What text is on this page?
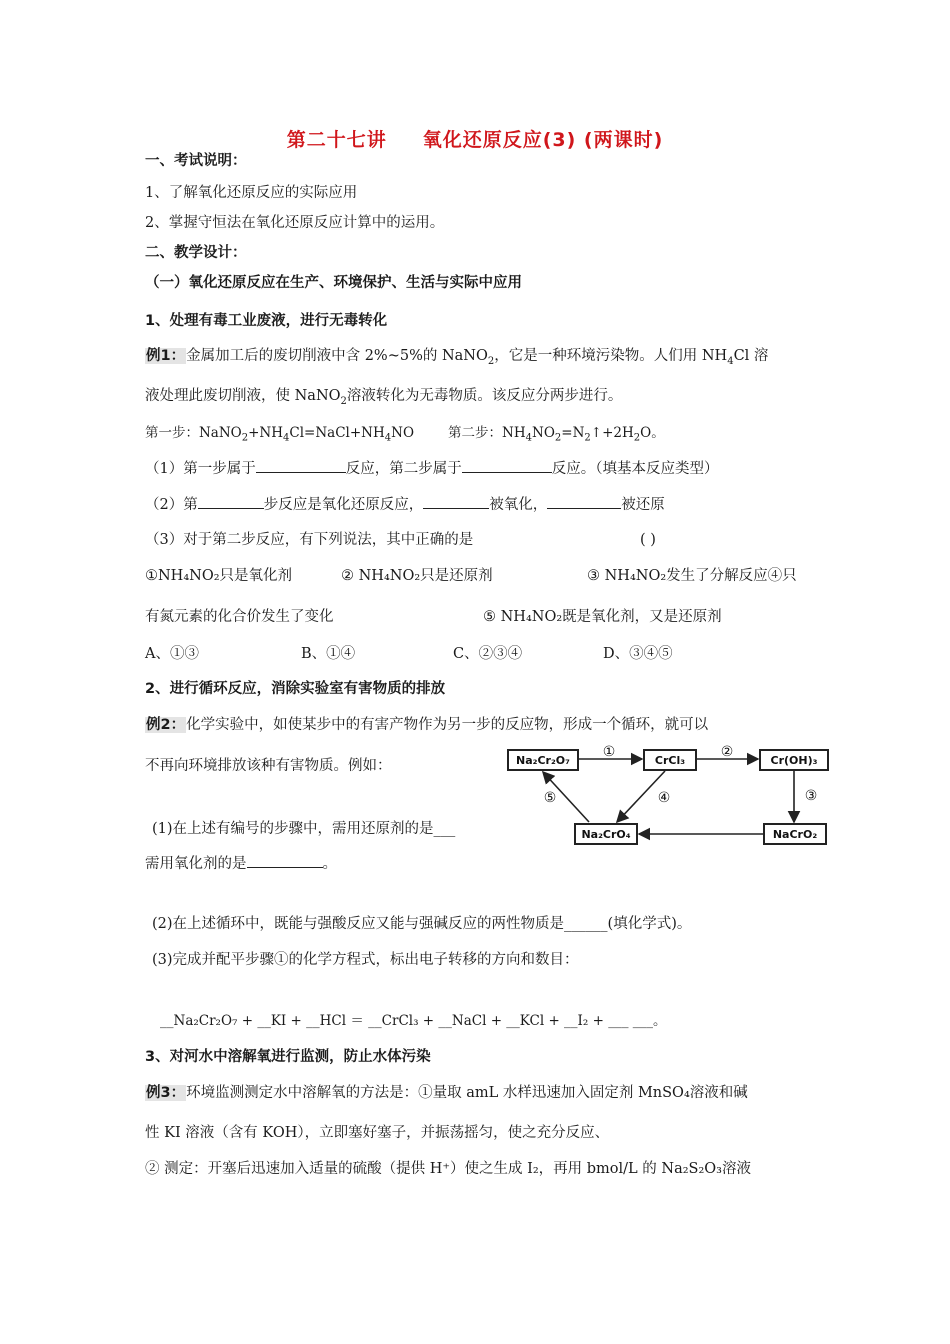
第二十七讲 氧化还原反应(3) (两课时)
一、考试说明：
1、了解氧化还原反应的实际应用
2、掌握守恒法在氧化还原反应计算中的运用。
二、教学设计：
（一）氧化还原反应在生产、环境保护、生活与实际中应用
1、处理有毒工业废液，进行无毒转化
例1：金属加工后的废切削液中含 2%~5%的 NaNO$_2$，它是一种环境污染物。人们用 $NH_4Cl$ 溶
液处理此废切削液，使 NaNO$_2$溶液转化为无毒物质。该反应分两步进行。
第一步：$NaNO_2+NH_4Cl=NaCl+NH_4NO$	第二步：$NH_4NO_2=N_2↑+2H_2O$。
（1）第一步属于	反应，第二步属于	反应。（填基本反应类型）
（2）第	步反应是氧化还原反应，	被氧化，	被还原
（3）对于第二步反应，有下列说法，其中正确的是	( )
①NH₄NO₂只是氧化剂	② NH₄NO₂只是还原剂	③ NH₄NO₂发生了分解反应④只
有氮元素的化合价发生了变化	⑤ NH₄NO₂既是氧化剂，又是还原剂
A、①③	B、①④	C、②③④	D、③④⑤
2、进行循环反应，消除实验室有害物质的排放
例2：化学实验中，如使某步中的有害产物作为另一步的反应物，形成一个循环，就可以
不再向环境排放该种有害物质。例如：	Na₂Cr₂O₇	CrCl₃	Cr(OH)₃
Na₂CrO₄	NaCrO₂
①	②
③
④
⑤
(1)在上述有编号的步骤中，需用还原剂的是___
需用氧化剂的是	。
(2)在上述循环中，既能与强酸反应又能与强碱反应的两性物质是______(填化学式)。
(3)完成并配平步骤①的化学方程式，标出电子转移的方向和数目：
__Na₂Cr₂O₇ + __KI + __HCl ＝ __CrCl₃ + __NaCl + __KCl + __I₂ + ___ ___。
3、对河水中溶解氧进行监测，防止水体污染
例3：环境监测测定水中溶解氧的方法是：①量取 amL 水样迅速加入固定剂 MnSO₄溶液和碱
性 KI 溶液（含有 KOH），立即塞好塞子，并振荡摇匀，使之充分反应、
② 测定：开塞后迅速加入适量的硫酸（提供 H⁺）使之生成 I₂，再用 bmol/L 的 Na₂S₂O₃溶液
